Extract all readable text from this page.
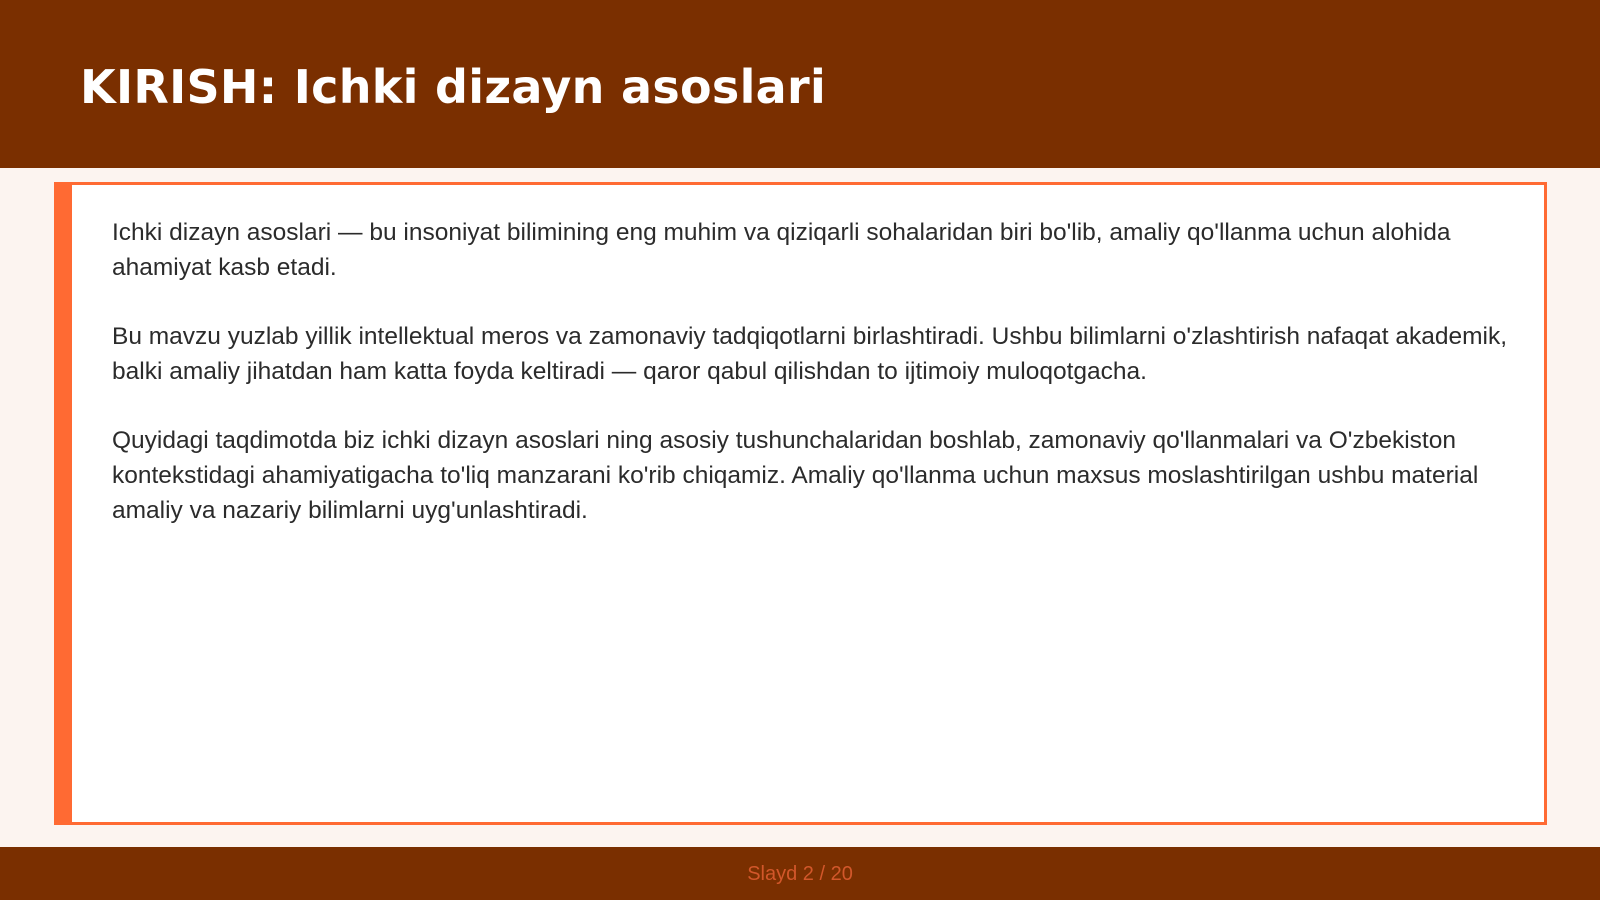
KIRISH: Ichki dizayn asoslari

Ichki dizayn asoslari — bu insoniyat bilimining eng muhim va qiziqarli sohalaridan biri bo'lib, amaliy qo'llanma uchun alohida ahamiyat kasb etadi.

Bu mavzu yuzlab yillik intellektual meros va zamonaviy tadqiqotlarni birlashtiradi. Ushbu bilimlarni o'zlashtirish nafaqat akademik, balki amaliy jihatdan ham katta foyda keltiradi — qaror qabul qilishdan to ijtimoiy muloqotgacha.

Quyidagi taqdimotda biz ichki dizayn asoslari ning asosiy tushunchalaridan boshlab, zamonaviy qo'llanmalari va O'zbekiston kontekstidagi ahamiyatigacha to'liq manzarani ko'rib chiqamiz. Amaliy qo'llanma uchun maxsus moslashtirilgan ushbu material amaliy va nazariy bilimlarni uyg'unlashtiradi.

Slayd 2 / 20
